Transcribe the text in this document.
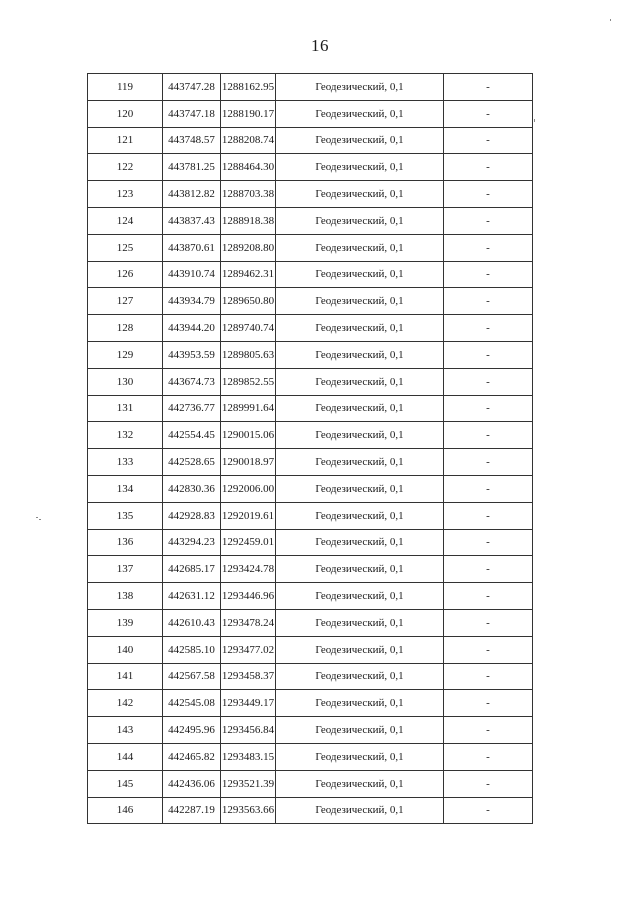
16
119	443747.28	1288162.95	Геодезический, 0,1	-
120	443747.18	1288190.17	Геодезический, 0,1	-
121	443748.57	1288208.74	Геодезический, 0,1	-
122	443781.25	1288464.30	Геодезический, 0,1	-
123	443812.82	1288703.38	Геодезический, 0,1	-
124	443837.43	1288918.38	Геодезический, 0,1	-
125	443870.61	1289208.80	Геодезический, 0,1	-
126	443910.74	1289462.31	Геодезический, 0,1	-
127	443934.79	1289650.80	Геодезический, 0,1	-
128	443944.20	1289740.74	Геодезический, 0,1	-
129	443953.59	1289805.63	Геодезический, 0,1	-
130	443674.73	1289852.55	Геодезический, 0,1	-
131	442736.77	1289991.64	Геодезический, 0,1	-
132	442554.45	1290015.06	Геодезический, 0,1	-
133	442528.65	1290018.97	Геодезический, 0,1	-
134	442830.36	1292006.00	Геодезический, 0,1	-
135	442928.83	1292019.61	Геодезический, 0,1	-
136	443294.23	1292459.01	Геодезический, 0,1	-
137	442685.17	1293424.78	Геодезический, 0,1	-
138	442631.12	1293446.96	Геодезический, 0,1	-
139	442610.43	1293478.24	Геодезический, 0,1	-
140	442585.10	1293477.02	Геодезический, 0,1	-
141	442567.58	1293458.37	Геодезический, 0,1	-
142	442545.08	1293449.17	Геодезический, 0,1	-
143	442495.96	1293456.84	Геодезический, 0,1	-
144	442465.82	1293483.15	Геодезический, 0,1	-
145	442436.06	1293521.39	Геодезический, 0,1	-
146	442287.19	1293563.66	Геодезический, 0,1	-
